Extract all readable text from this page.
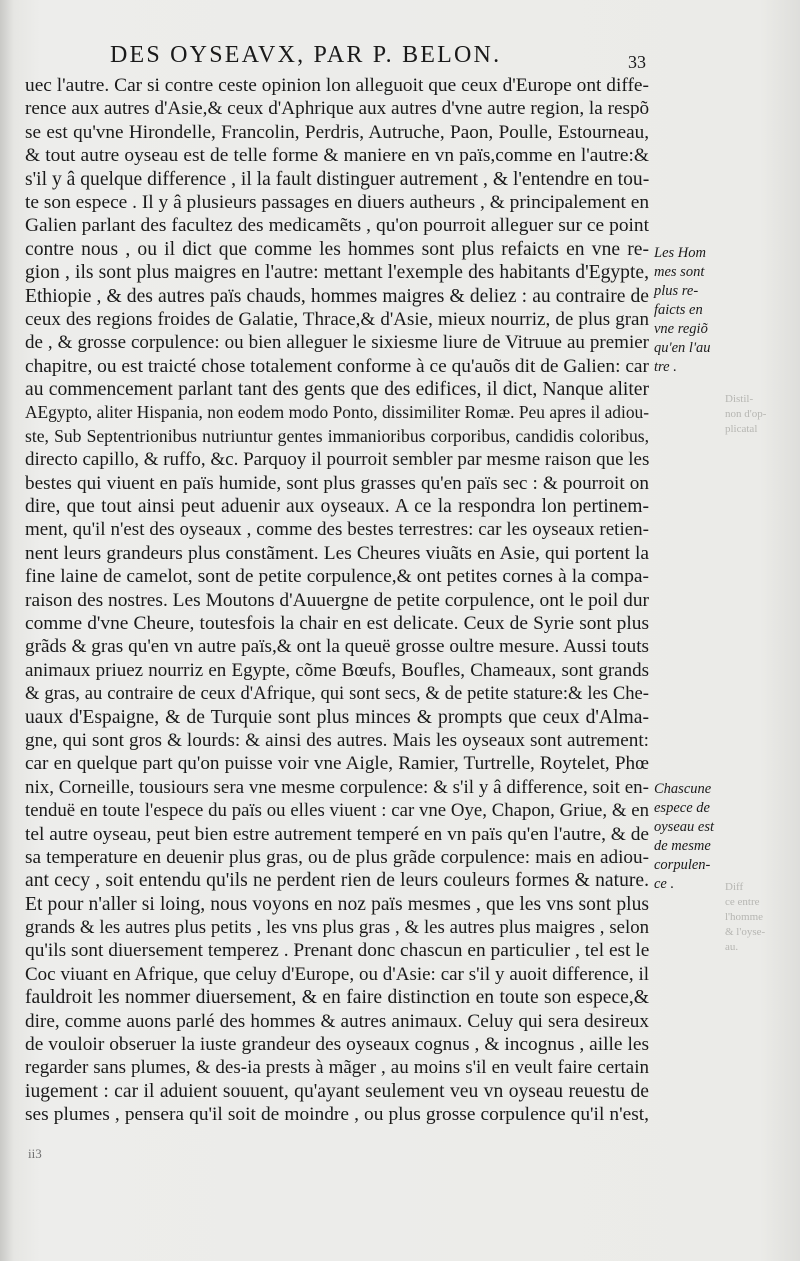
DES OYSEAVX, PAR P. BELON.	33
uec l'autre. Car si contre ceste opinion lon alleguoit que ceux d'Europe ont diffe-
rence aux autres d'Asie,& ceux d'Aphrique aux autres d'vne autre region, la respõ
se est qu'vne Hirondelle, Francolin, Perdris, Autruche, Paon, Poulle, Estourneau,
& tout autre oyseau est de telle forme & maniere en vn païs,comme en l'autre:&
s'il y â quelque difference , il la fault distinguer autrement , & l'entendre en tou-
te son espece . Il y â plusieurs passages en diuers autheurs , & principalement en
Galien parlant des facultez des medicamẽts , qu'on pourroit alleguer sur ce point
contre nous , ou il dict que comme les hommes sont plus refaicts en vne re-
gion , ils sont plus maigres en l'autre: mettant l'exemple des habitants d'Egypte,
Ethiopie , & des autres païs chauds, hommes maigres & deliez : au contraire de
ceux des regions froides de Galatie, Thrace,& d'Asie, mieux nourriz, de plus gran
de , & grosse corpulence: ou bien alleguer le sixiesme liure de Vitruue au premier
chapitre, ou est traicté chose totalement conforme à ce qu'auõs dit de Galien: car
au commencement parlant tant des gents que des edifices, il dict, Nanque aliter
AEgypto, aliter Hispania, non eodem modo Ponto, dissimiliter Romæ. Peu apres il adiou-
ste, Sub Septentrionibus nutriuntur gentes immanioribus corporibus, candidis coloribus,
directo capillo, & ruffo, &c. Parquoy il pourroit sembler par mesme raison que les
bestes qui viuent en païs humide, sont plus grasses qu'en païs sec : & pourroit on
dire, que tout ainsi peut aduenir aux oyseaux. A ce la respondra lon pertinem-
ment, qu'il n'est des oyseaux , comme des bestes terrestres: car les oyseaux retien-
nent leurs grandeurs plus constãment. Les Cheures viuãts en Asie, qui portent la
fine laine de camelot, sont de petite corpulence,& ont petites cornes à la compa-
raison des nostres. Les Moutons d'Auuergne de petite corpulence, ont le poil dur
comme d'vne Cheure, toutesfois la chair en est delicate. Ceux de Syrie sont plus
grãds & gras qu'en vn autre païs,& ont la queuë grosse oultre mesure. Aussi touts
animaux priuez nourriz en Egypte, cõme Bœufs, Boufles, Chameaux, sont grands
& gras, au contraire de ceux d'Afrique, qui sont secs, & de petite stature:& les Che-
uaux d'Espaigne, & de Turquie sont plus minces & prompts que ceux d'Alma-
gne, qui sont gros & lourds: & ainsi des autres. Mais les oyseaux sont autrement:
car en quelque part qu'on puisse voir vne Aigle, Ramier, Turtrelle, Roytelet, Phœ
nix, Corneille, tousiours sera vne mesme corpulence: & s'il y â difference, soit en-
tenduë en toute l'espece du païs ou elles viuent : car vne Oye, Chapon, Griue, & en
tel autre oyseau, peut bien estre autrement temperé en vn païs qu'en l'autre, & de
sa temperature en deuenir plus gras, ou de plus grãde corpulence: mais en adiou-
ant cecy , soit entendu qu'ils ne perdent rien de leurs couleurs formes & nature.
Et pour n'aller si loing, nous voyons en noz païs mesmes , que les vns sont plus
grands & les autres plus petits , les vns plus gras , & les autres plus maigres , selon
qu'ils sont diuersement temperez . Prenant donc chascun en particulier , tel est le
Coc viuant en Afrique, que celuy d'Europe, ou d'Asie: car s'il y auoit difference, il
fauldroit les nommer diuersement, & en faire distinction en toute son espece,&
dire, comme auons parlé des hommes & autres animaux. Celuy qui sera desireux
de vouloir obseruer la iuste grandeur des oyseaux cognus , & incognus , aille les
regarder sans plumes, & des-ia prests à mãger , au moins s'il en veult faire certain
iugement : car il aduient souuent, qu'ayant seulement veu vn oyseau reuestu de
ses plumes , pensera qu'il soit de moindre , ou plus grosse corpulence qu'il n'est,
Les Hom
mes sont
plus re-
faicts en
vne regiõ
qu'en l'au
tre .
Chascune
espece de
oyseau est
de mesme
corpulen-
ce .
Distil-
non d'op-
plicatal
Diff
ce entre
l'homme
& l'oyse-
au.
ii3
